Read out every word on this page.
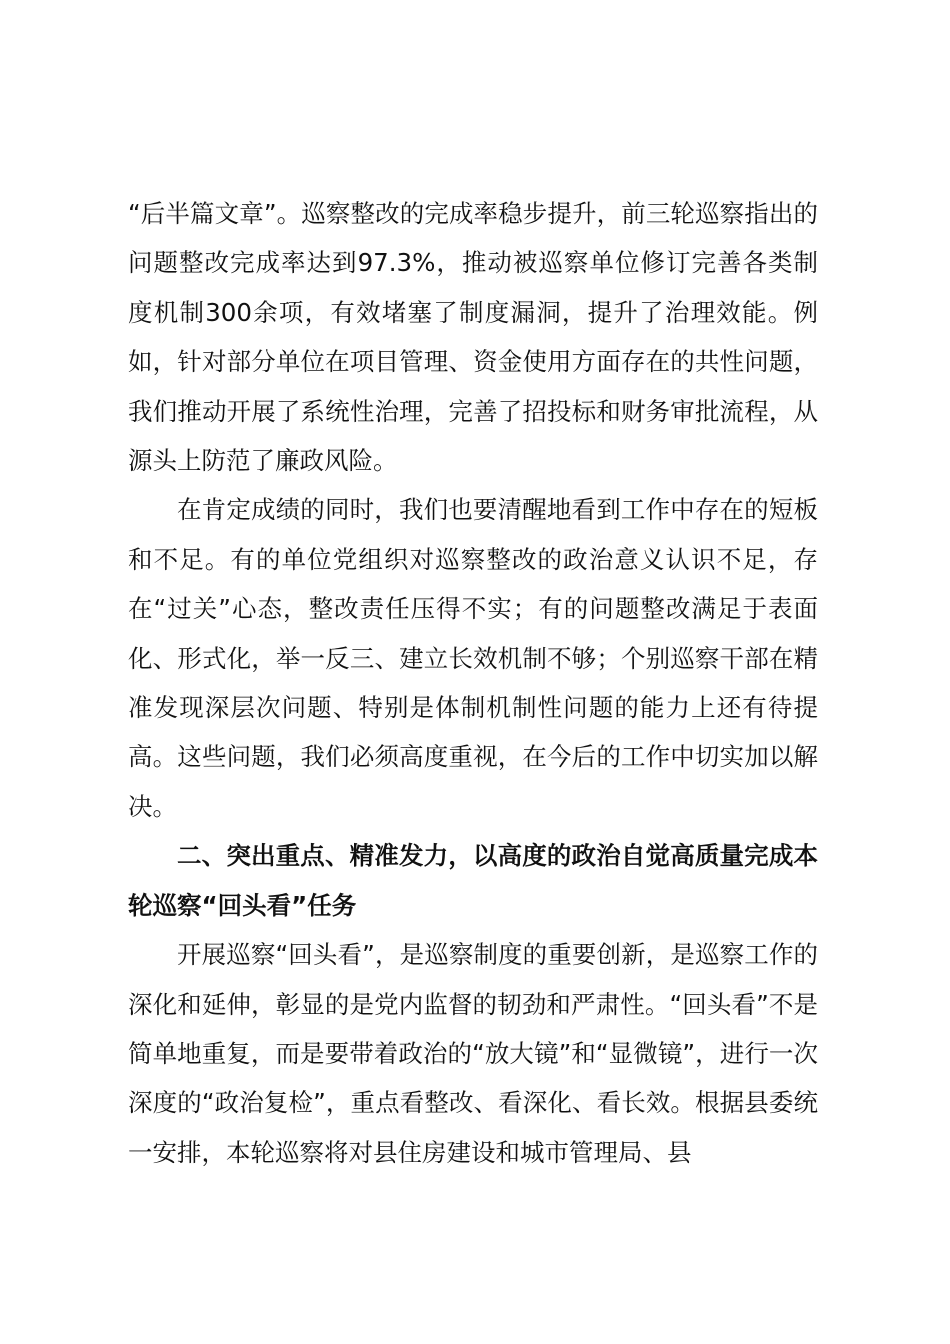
“后半篇文章”。巡察整改的完成率稳步提升，前三轮巡察指出的问题整改完成率达到97.3%，推动被巡察单位修订完善各类制度机制300余项，有效堵塞了制度漏洞，提升了治理效能。例如，针对部分单位在项目管理、资金使用方面存在的共性问题，我们推动开展了系统性治理，完善了招投标和财务审批流程，从源头上防范了廉政风险。

在肯定成绩的同时，我们也要清醒地看到工作中存在的短板和不足。有的单位党组织对巡察整改的政治意义认识不足，存在“过关”心态，整改责任压得不实；有的问题整改满足于表面化、形式化，举一反三、建立长效机制不够；个别巡察干部在精准发现深层次问题、特别是体制机制性问题的能力上还有待提高。这些问题，我们必须高度重视，在今后的工作中切实加以解决。

二、突出重点、精准发力，以高度的政治自觉高质量完成本轮巡察“回头看”任务

开展巡察“回头看”，是巡察制度的重要创新，是巡察工作的深化和延伸，彰显的是党内监督的韧劲和严肃性。“回头看”不是简单地重复，而是要带着政治的“放大镜”和“显微镜”，进行一次深度的“政治复检”，重点看整改、看深化、看长效。根据县委统一安排，本轮巡察将对县住房建设和城市管理局、县
